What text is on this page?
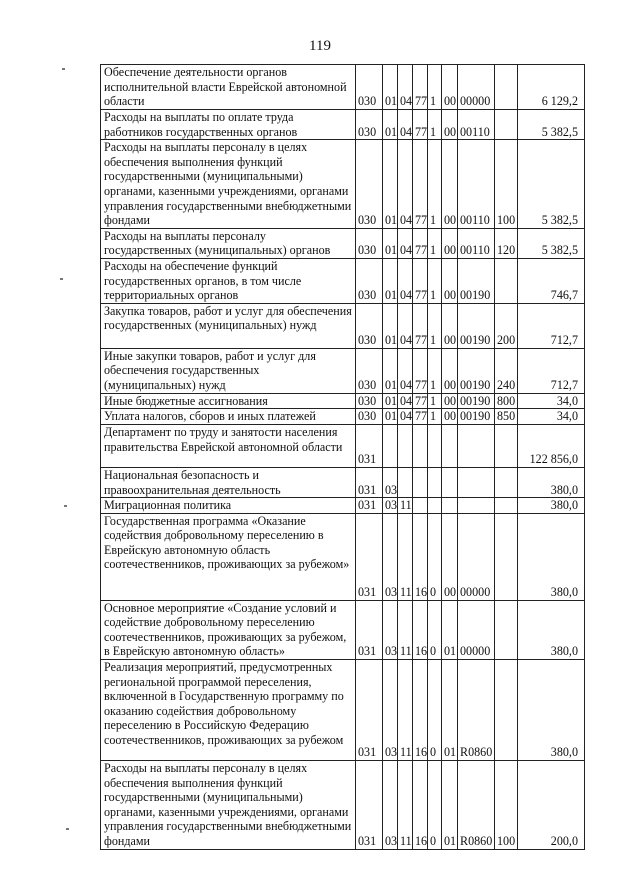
119
Обеспечение деятельности органов исполнительной власти Еврейской автономной области	030	01	04	77	1	00	00000		6 129,2
Расходы на выплаты по оплате труда работников государственных органов	030	01	04	77	1	00	00110		5 382,5
Расходы на выплаты персоналу в целях обеспечения выполнения функций государственными (муниципальными) органами, казенными учреждениями, органами управления государственными внебюджетными фондами	030	01	04	77	1	00	00110	100	5 382,5
Расходы на выплаты персоналу государственных (муниципальных) органов	030	01	04	77	1	00	00110	120	5 382,5
Расходы на обеспечение функций государственных органов, в том числе территориальных органов	030	01	04	77	1	00	00190		746,7
Закупка товаров, работ и услуг для обеспечения государственных (муниципальных) нужд	030	01	04	77	1	00	00190	200	712,7
Иные закупки товаров, работ и услуг для обеспечения государственных (муниципальных) нужд	030	01	04	77	1	00	00190	240	712,7
Иные бюджетные ассигнования	030	01	04	77	1	00	00190	800	34,0
Уплата налогов, сборов и иных платежей	030	01	04	77	1	00	00190	850	34,0
Департамент по труду и занятости населения правительства Еврейской автономной области	031								122 856,0
Национальная безопасность и правоохранительная деятельность	031	03							380,0
Миграционная политика	031	03	11						380,0
Государственная программа «Оказание содействия добровольному переселению в Еврейскую автономную область соотечественников, проживающих за рубежом»	031	03	11	16	0	00	00000		380,0
Основное мероприятие «Создание условий и содействие добровольному переселению соотечественников, проживающих за рубежом, в Еврейскую автономную область»	031	03	11	16	0	01	00000		380,0
Реализация мероприятий, предусмотренных региональной программой переселения, включенной в Государственную программу по оказанию содействия добровольному переселению в Российскую Федерацию соотечественников, проживающих за рубежом	031	03	11	16	0	01	R0860		380,0
Расходы на выплаты персоналу в целях обеспечения выполнения функций государственными (муниципальными) органами, казенными учреждениями, органами управления государственными внебюджетными фондами	031	03	11	16	0	01	R0860	100	200,0
